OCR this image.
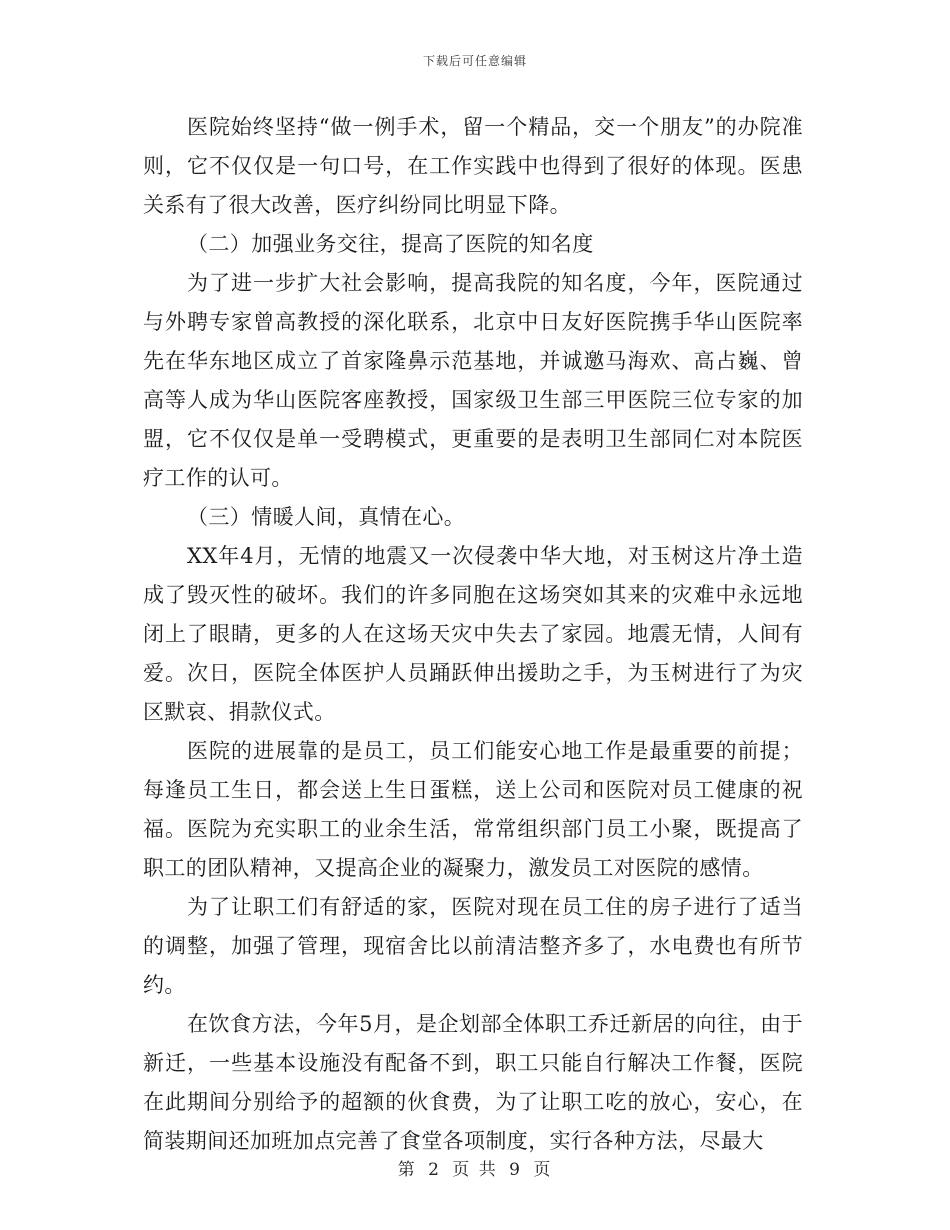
下载后可任意编辑

医院始终坚持“做一例手术，留一个精品，交一个朋友”的办院准则，它不仅仅是一句口号，在工作实践中也得到了很好的体现。医患关系有了很大改善，医疗纠纷同比明显下降。

（二）加强业务交往，提高了医院的知名度

为了进一步扩大社会影响，提高我院的知名度，今年，医院通过与外聘专家曾高教授的深化联系，北京中日友好医院携手华山医院率先在华东地区成立了首家隆鼻示范基地，并诚邀马海欢、高占巍、曾高等人成为华山医院客座教授，国家级卫生部三甲医院三位专家的加盟，它不仅仅是单一受聘模式，更重要的是表明卫生部同仁对本院医疗工作的认可。

（三）情暖人间，真情在心。

XX年4月，无情的地震又一次侵袭中华大地，对玉树这片净土造成了毁灭性的破坏。我们的许多同胞在这场突如其来的灾难中永远地闭上了眼睛，更多的人在这场天灾中失去了家园。地震无情，人间有爱。次日，医院全体医护人员踊跃伸出援助之手，为玉树进行了为灾区默哀、捐款仪式。

医院的进展靠的是员工，员工们能安心地工作是最重要的前提；每逢员工生日，都会送上生日蛋糕，送上公司和医院对员工健康的祝福。医院为充实职工的业余生活，常常组织部门员工小聚，既提高了职工的团队精神，又提高企业的凝聚力，激发员工对医院的感情。

为了让职工们有舒适的家，医院对现在员工住的房子进行了适当的调整，加强了管理，现宿舍比以前清洁整齐多了，水电费也有所节约。

在饮食方法，今年5月，是企划部全体职工乔迁新居的向往，由于新迁，一些基本设施没有配备不到，职工只能自行解决工作餐，医院在此期间分别给予的超额的伙食费，为了让职工吃的放心，安心，在简装期间还加班加点完善了食堂各项制度，实行各种方法，尽最大

第 2 页 共 9 页
